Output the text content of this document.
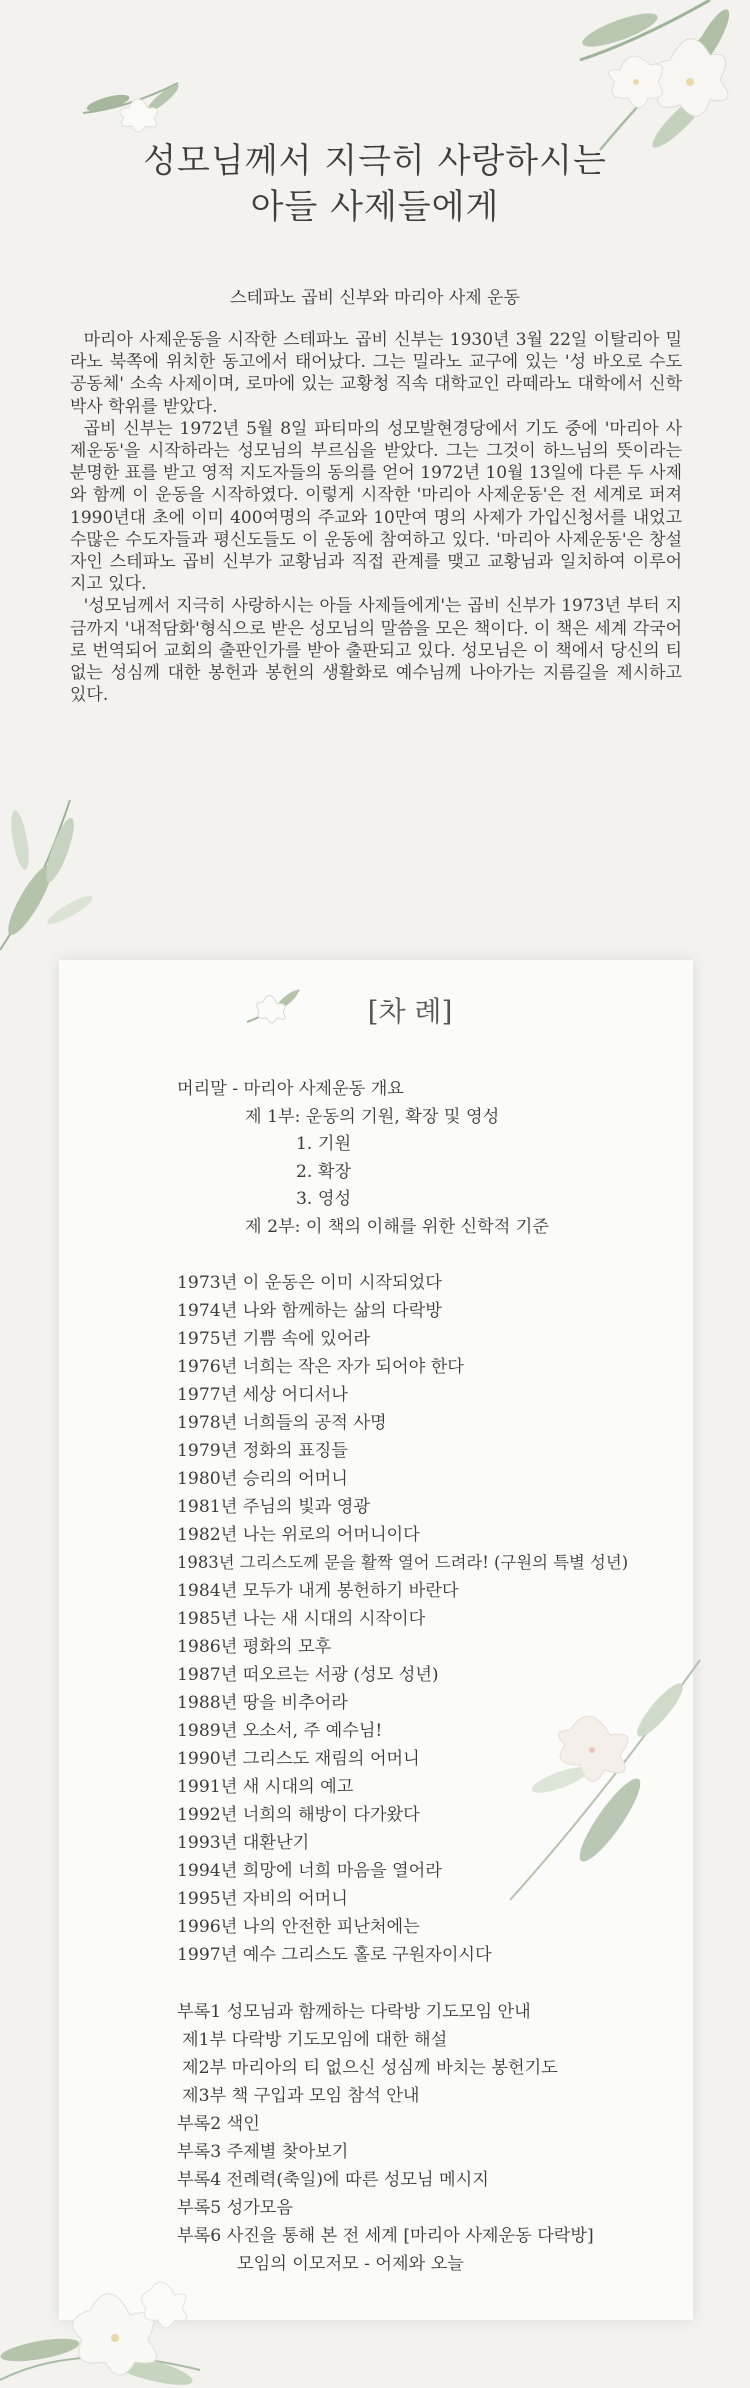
성모님께서 지극히 사랑하시는
아들 사제들에게
스테파노 곱비 신부와 마리아 사제 운동

마리아 사제운동을 시작한 스테파노 곱비 신부는 1930년 3월 22일 이탈리아 밀라노 북쪽에 위치한 동고에서 태어났다. 그는 밀라노 교구에 있는 '성 바오로 수도 공동체' 소속 사제이며, 로마에 있는 교황청 직속 대학교인 라떼라노 대학에서 신학박사 학위를 받았다.

곱비 신부는 1972년 5월 8일 파티마의 성모발현경당에서 기도 중에 '마리아 사제운동'을 시작하라는 성모님의 부르심을 받았다. 그는 그것이 하느님의 뜻이라는 분명한 표를 받고 영적 지도자들의 동의를 얻어 1972년 10월 13일에 다른 두 사제와 함께 이 운동을 시작하였다. 이렇게 시작한 '마리아 사제운동'은 전 세계로 퍼져 1990년대 초에 이미 400여명의 주교와 10만여 명의 사제가 가입신청서를 내었고 수많은 수도자들과 평신도들도 이 운동에 참여하고 있다. '마리아 사제운동'은 창설자인 스테파노 곱비 신부가 교황님과 직접 관계를 맺고 교황님과 일치하여 이루어지고 있다.

'성모님께서 지극히 사랑하시는 아들 사제들에게'는 곱비 신부가 1973년 부터 지금까지 '내적담화'형식으로 받은 성모님의 말씀을 모은 책이다. 이 책은 세계 각국어로 번역되어 교회의 출판인가를 받아 출판되고 있다. 성모님은 이 책에서 당신의 티 없는 성심께 대한 봉헌과 봉헌의 생활화로 예수님께 나아가는 지름길을 제시하고 있다.

[차 례]
머리말 - 마리아 사제운동 개요
제 1부: 운동의 기원, 확장 및 영성
1. 기원
2. 확장
3. 영성
제 2부: 이 책의 이해를 위한 신학적 기준
1973년 이 운동은 이미 시작되었다
1974년 나와 함께하는 삶의 다락방
1975년 기쁨 속에 있어라
1976년 너희는 작은 자가 되어야 한다
1977년 세상 어디서나
1978년 너희들의 공적 사명
1979년 정화의 표징들
1980년 승리의 어머니
1981년 주님의 빛과 영광
1982년 나는 위로의 어머니이다
1983년 그리스도께 문을 활짝 열어 드려라! (구원의 특별 성년)
1984년 모두가 내게 봉헌하기 바란다
1985년 나는 새 시대의 시작이다
1986년 평화의 모후
1987년 떠오르는 서광 (성모 성년)
1988년 땅을 비추어라
1989년 오소서, 주 예수님!
1990년 그리스도 재림의 어머니
1991년 새 시대의 예고
1992년 너희의 해방이 다가왔다
1993년 대환난기
1994년 희망에 너희 마음을 열어라
1995년 자비의 어머니
1996년 나의 안전한 피난처에는
1997년 예수 그리스도 홀로 구원자이시다
부록1 성모님과 함께하는 다락방 기도모임 안내
제1부 다락방 기도모임에 대한 해설
제2부 마리아의 티 없으신 성심께 바치는 봉헌기도
제3부 책 구입과 모임 참석 안내
부록2 색인
부록3 주제별 찾아보기
부록4 전례력(축일)에 따른 성모님 메시지
부록5 성가모음
부록6 사진을 통해 본 전 세계 [마리아 사제운동 다락방]
모임의 이모저모 - 어제와 오늘
